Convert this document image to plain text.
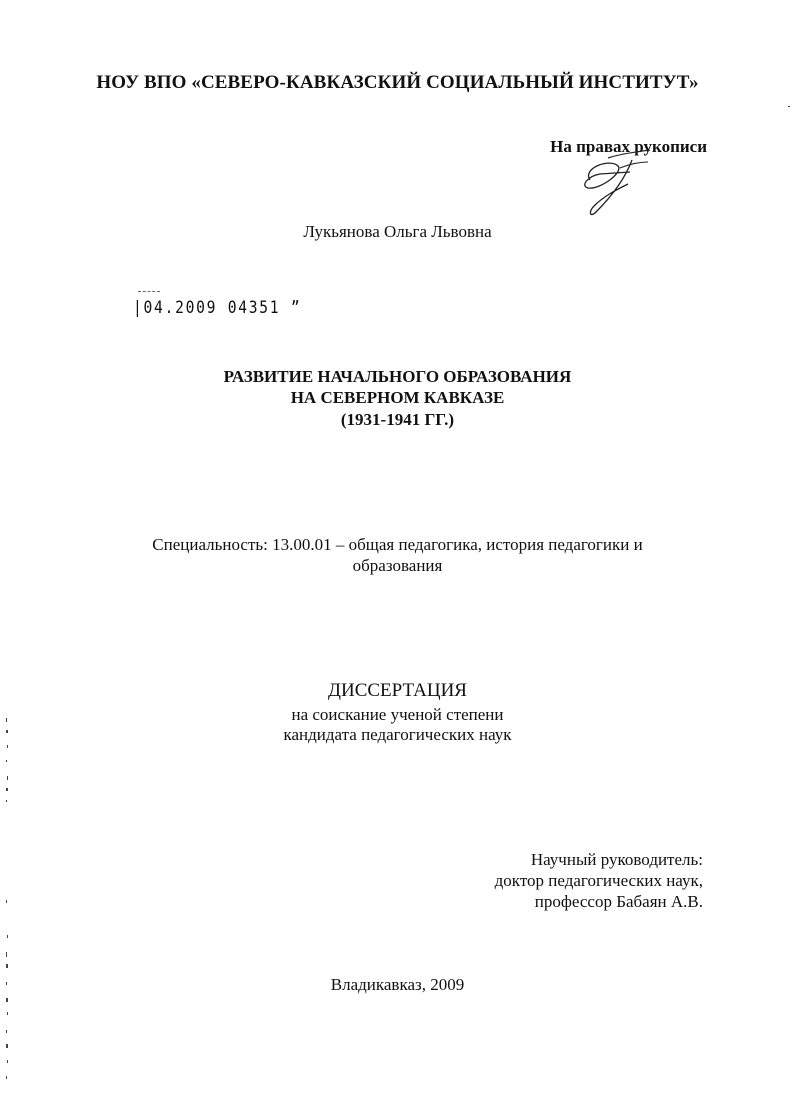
НОУ ВПО «СЕВЕРО-КАВКАЗСКИЙ СОЦИАЛЬНЫЙ ИНСТИТУТ»
На правах рукописи
Лукьянова Ольга Львовна
|04.2009 04351 ˮ
РАЗВИТИЕ НАЧАЛЬНОГО ОБРАЗОВАНИЯ
НА СЕВЕРНОМ КАВКАЗЕ
(1931-1941 ГГ.)
Специальность: 13.00.01 – общая педагогика, история педагогики и
образования
ДИССЕРТАЦИЯ
на соискание ученой степени
кандидата педагогических наук
Научный руководитель:
доктор педагогических наук,
профессор Бабаян А.В.
Владикавказ, 2009
